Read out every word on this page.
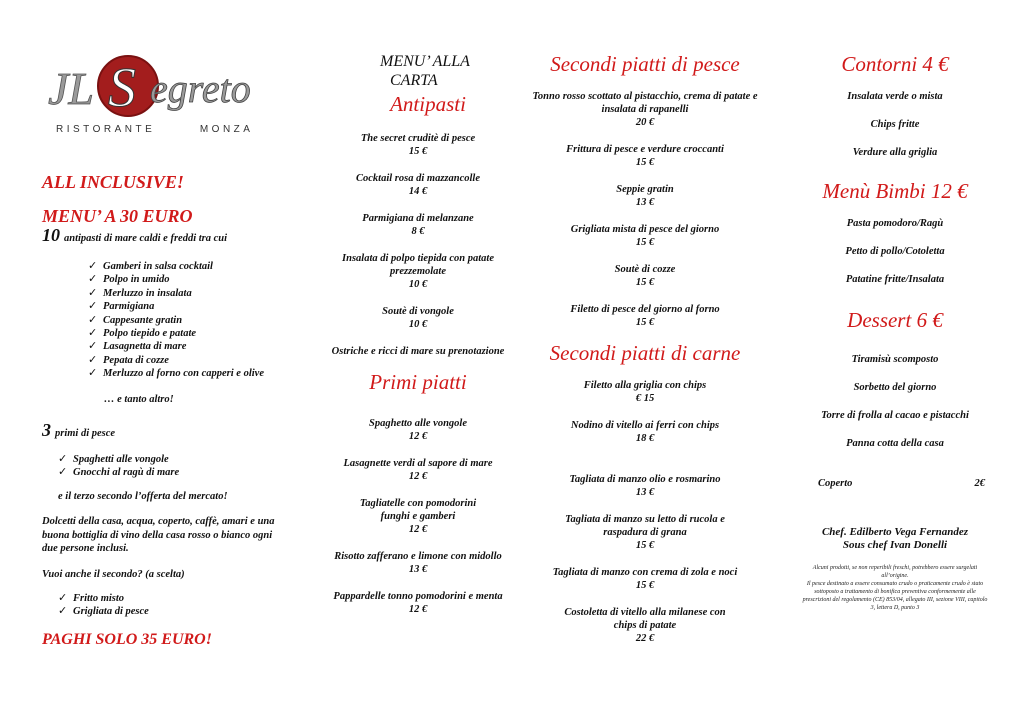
JL S egreto
RISTORANTE	MONZA
ALL INCLUSIVE!
MENU’ A 30 EURO
10 antipasti di mare caldi e freddi tra cui
✓ Gamberi in salsa cocktail
✓ Polpo in umido
✓ Merluzzo in insalata
✓ Parmigiana
✓ Cappesante gratin
✓ Polpo tiepido e patate
✓ Lasagnetta di mare
✓ Pepata di cozze
✓ Merluzzo al forno con capperi e olive
… e tanto altro!
3 primi di pesce
✓ Spaghetti alle vongole
✓ Gnocchi al ragù di mare
e il terzo secondo l’offerta del mercato!
Dolcetti della casa, acqua, coperto, caffè, amari e una buona bottiglia di vino della casa rosso o bianco ogni due persone inclusi.
Vuoi anche il secondo? (a scelta)
✓ Fritto misto
✓ Grigliata di pesce
PAGHI SOLO 35 EURO!
MENU’ ALLA
CARTA
Antipasti
The secret cruditè di pesce
15 €
Cocktail rosa di mazzancolle
14 €
Parmigiana di melanzane
8 €
Insalata di polpo tiepida con patate prezzemolate
10 €
Soutè di vongole
10 €
Ostriche e ricci di mare su prenotazione
Primi piatti
Spaghetto alle vongole
12 €
Lasagnette verdi al sapore di mare
12 €
Tagliatelle con pomodorini funghi e gamberi
12 €
Risotto zafferano e limone con midollo
13 €
Pappardelle tonno pomodorini e menta
12 €
Secondi piatti di pesce
Tonno rosso scottato al pistacchio, crema di patate e insalata di rapanelli
20 €
Frittura di pesce e verdure croccanti
15 €
Seppie gratin
13 €
Grigliata mista di pesce del giorno
15 €
Soutè di cozze
15 €
Filetto di pesce del giorno al forno
15 €
Secondi piatti di carne
Filetto alla griglia con chips
€ 15
Nodino di vitello ai ferri con chips
18 €
Tagliata di manzo olio e rosmarino
13 €
Tagliata di manzo su letto di rucola e raspadura di grana
15 €
Tagliata di manzo con crema di zola e noci
15 €
Costoletta di vitello alla milanese con chips di patate
22 €
Contorni 4 €
Insalata verde o mista
Chips fritte
Verdure alla griglia
Menù Bimbi 12 €
Pasta pomodoro/Ragù
Petto di pollo/Cotoletta
Patatine fritte/Insalata
Dessert 6 €
Tiramisù scomposto
Sorbetto del giorno
Torre di frolla al cacao e pistacchi
Panna cotta della casa
Coperto	2€
Chef. Edilberto Vega Fernandez
Sous chef Ivan Donelli
Alcuni prodotti, se non reperibili freschi, potrebbero essere surgelati all’origine.
Il pesce destinato a essere consumato crudo o praticamente crudo è stato sottoposto a trattamento di bonifica preventiva conformemente alle prescrizioni del regolamento (CE) 853/04, allegato III, sezione VIII, capitolo 3, lettera D, punto 3
